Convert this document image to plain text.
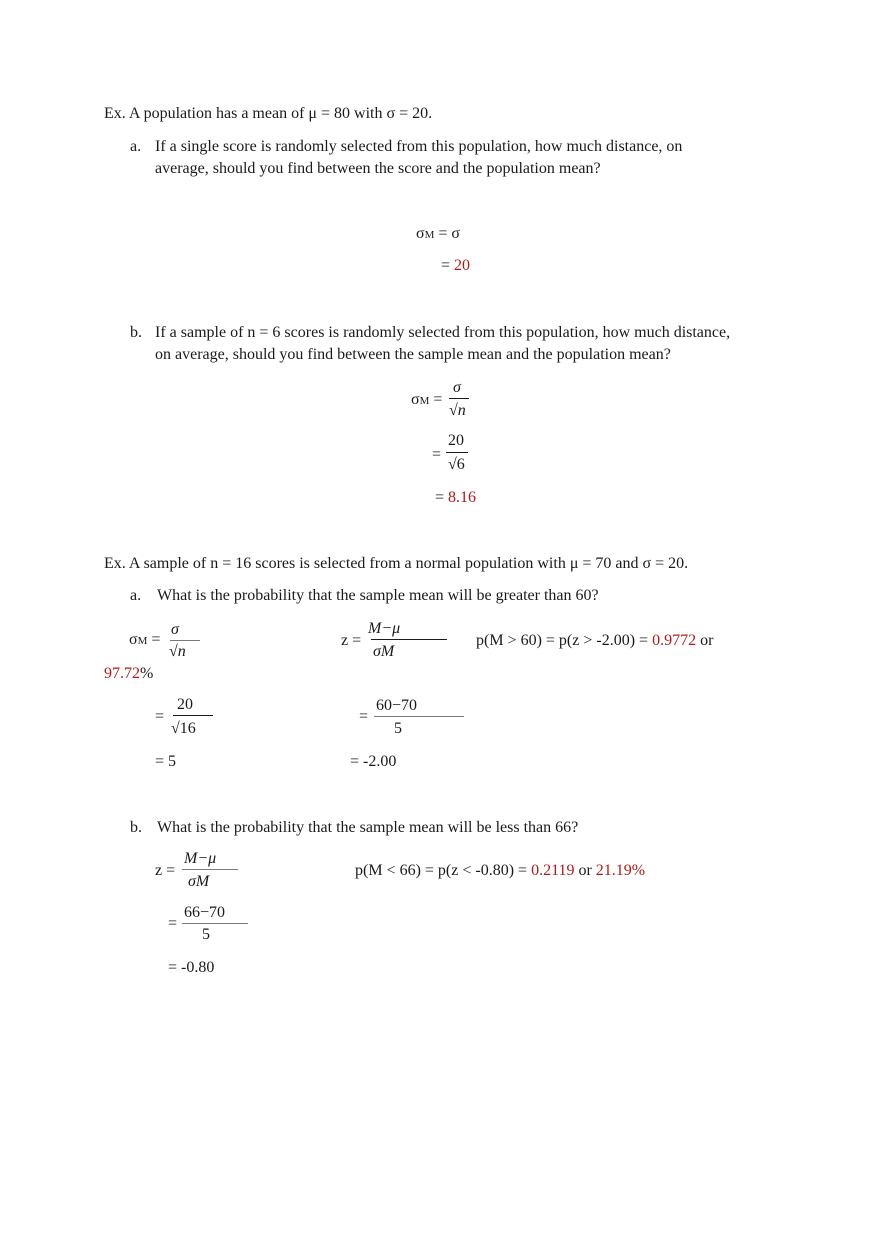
Ex. A population has a mean of μ = 80 with σ = 20.
a. If a single score is randomly selected from this population, how much distance, on
average, should you find between the score and the population mean?
σM = σ
= 20
b. If a sample of n = 6 scores is randomly selected from this population, how much distance,
on average, should you find between the sample mean and the population mean?
σM =
σ
√n
=
20
√6
= 8.16
Ex. A sample of n = 16 scores is selected from a normal population with μ = 70 and σ = 20.
a. What is the probability that the sample mean will be greater than 60?
σM =
σ
√n
=
20
√16
= 5
z =
M−μ
σM
=
60−70
5
= -2.00
p(M > 60) = p(z > -2.00) = 0.9772 or
97.72%
b. What is the probability that the sample mean will be less than 66?
z =
M−μ
σM
=
66−70
5
= -0.80
p(M < 66) = p(z < -0.80) = 0.2119 or 21.19%
